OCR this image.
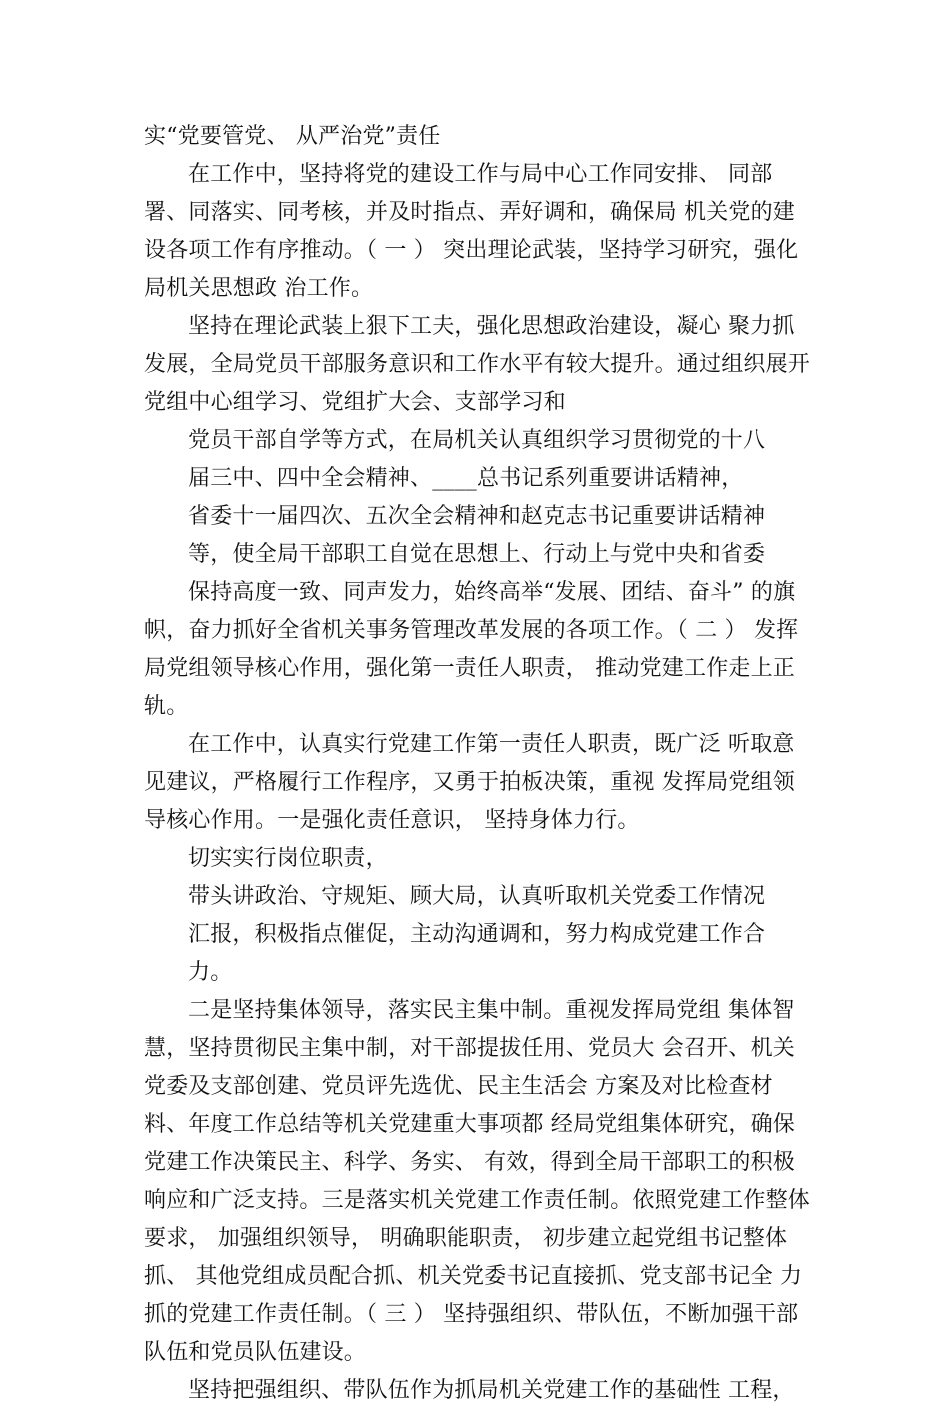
实“党要管党、 从严治党”责任

在工作中，坚持将党的建设工作与局中心工作同安排、 同部署、同落实、同考核，并及时指点、弄好调和，确保局 机关党的建设各项工作有序推动。（ 一 ） 突出理论武装，坚持学习研究，强化局机关思想政 治工作。

坚持在理论武装上狠下工夫，强化思想政治建设，凝心 聚力抓发展，全局党员干部服务意识和工作水平有较大提升。通过组织展开党组中心组学习、党组扩大会、支部学习和

党员干部自学等方式，在局机关认真组织学习贯彻党的十八

届三中、四中全会精神、____总书记系列重要讲话精神，

省委十一届四次、五次全会精神和赵克志书记重要讲话精神

等，使全局干部职工自觉在思想上、行动上与党中央和省委

保持高度一致、同声发力，始终高举“发展、团结、奋斗” 的旗帜，奋力抓好全省机关事务管理改革发展的各项工作。（ 二 ） 发挥局党组领导核心作用，强化第一责任人职责， 推动党建工作走上正轨。

在工作中，认真实行党建工作第一责任人职责，既广泛 听取意见建议，严格履行工作程序，又勇于拍板决策，重视 发挥局党组领导核心作用。一是强化责任意识， 坚持身体力行。

切实实行岗位职责，

带头讲政治、守规矩、顾大局，认真听取机关党委工作情况

汇报，积极指点催促，主动沟通调和，努力构成党建工作合 力。

二是坚持集体领导，落实民主集中制。重视发挥局党组 集体智慧，坚持贯彻民主集中制，对干部提拔任用、党员大 会召开、机关党委及支部创建、党员评先选优、民主生活会 方案及对比检查材料、年度工作总结等机关党建重大事项都 经局党组集体研究，确保党建工作决策民主、科学、务实、 有效，得到全局干部职工的积极响应和广泛支持。三是落实机关党建工作责任制。依照党建工作整体要求， 加强组织领导， 明确职能职责， 初步建立起党组书记整体抓、 其他党组成员配合抓、机关党委书记直接抓、党支部书记全 力抓的党建工作责任制。（ 三 ） 坚持强组织、带队伍，不断加强干部队伍和党员队伍建设。

坚持把强组织、带队伍作为抓局机关党建工作的基础性 工程，
